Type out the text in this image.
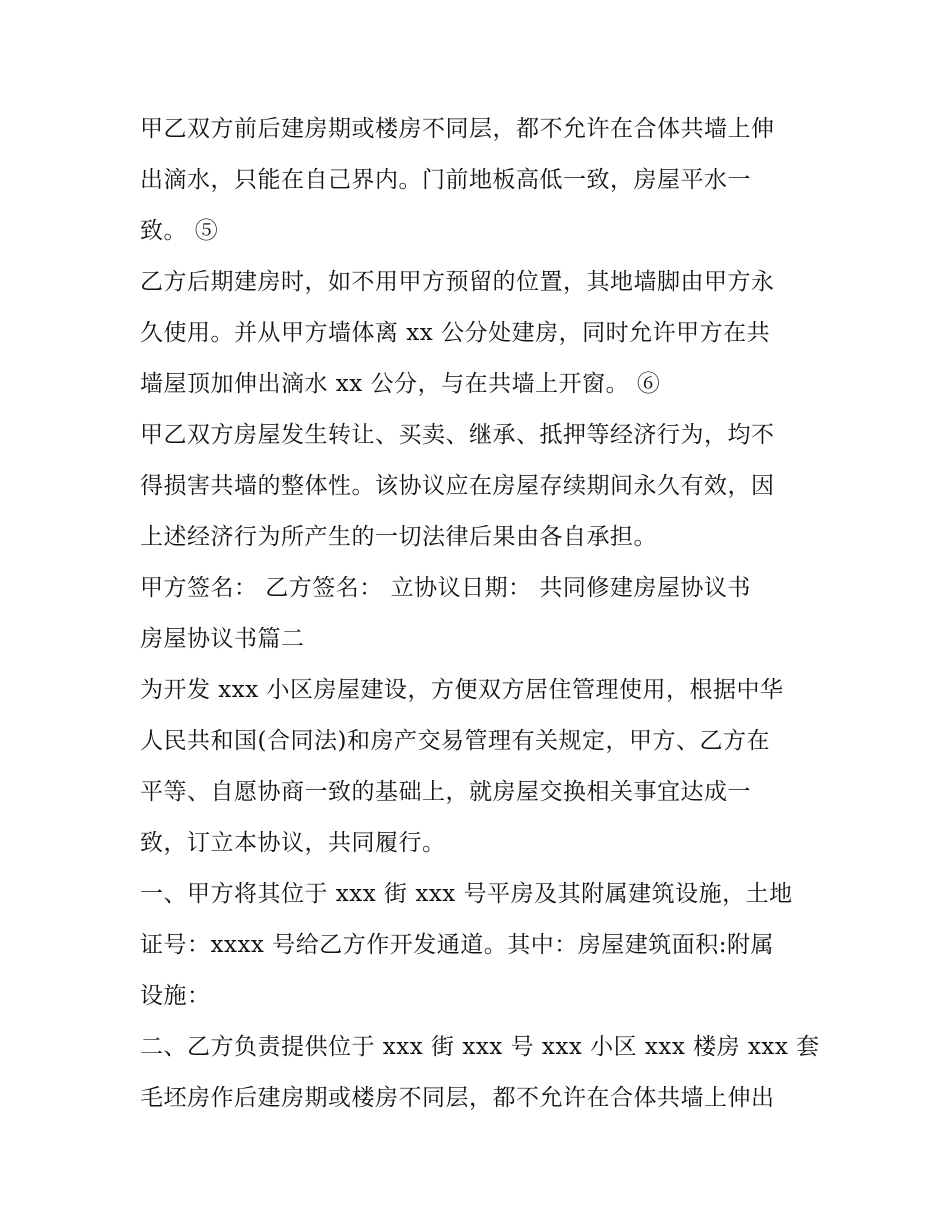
甲乙双方前后建房期或楼房不同层，都不允许在合体共墙上伸
出滴水，只能在自己界内。门前地板高低一致，房屋平水一
致。 ⑤
乙方后期建房时，如不用甲方预留的位置，其地墙脚由甲方永
久使用。并从甲方墙体离 xx 公分处建房，同时允许甲方在共
墙屋顶加伸出滴水 xx 公分，与在共墙上开窗。 ⑥
甲乙双方房屋发生转让、买卖、继承、抵押等经济行为，均不
得损害共墙的整体性。该协议应在房屋存续期间永久有效，因
上述经济行为所产生的一切法律后果由各自承担。
甲方签名： 乙方签名： 立协议日期： 共同修建房屋协议书
房屋协议书篇二
为开发 xxx 小区房屋建设，方便双方居住管理使用，根据中华
人民共和国(合同法)和房产交易管理有关规定，甲方、乙方在
平等、自愿协商一致的基础上，就房屋交换相关事宜达成一
致，订立本协议，共同履行。
一、甲方将其位于 xxx 街 xxx 号平房及其附属建筑设施，土地
证号：xxxx 号给乙方作开发通道。其中：房屋建筑面积:附属
设施：
二、乙方负责提供位于 xxx 街 xxx 号 xxx 小区 xxx 楼房 xxx 套
毛坯房作后建房期或楼房不同层，都不允许在合体共墙上伸出
